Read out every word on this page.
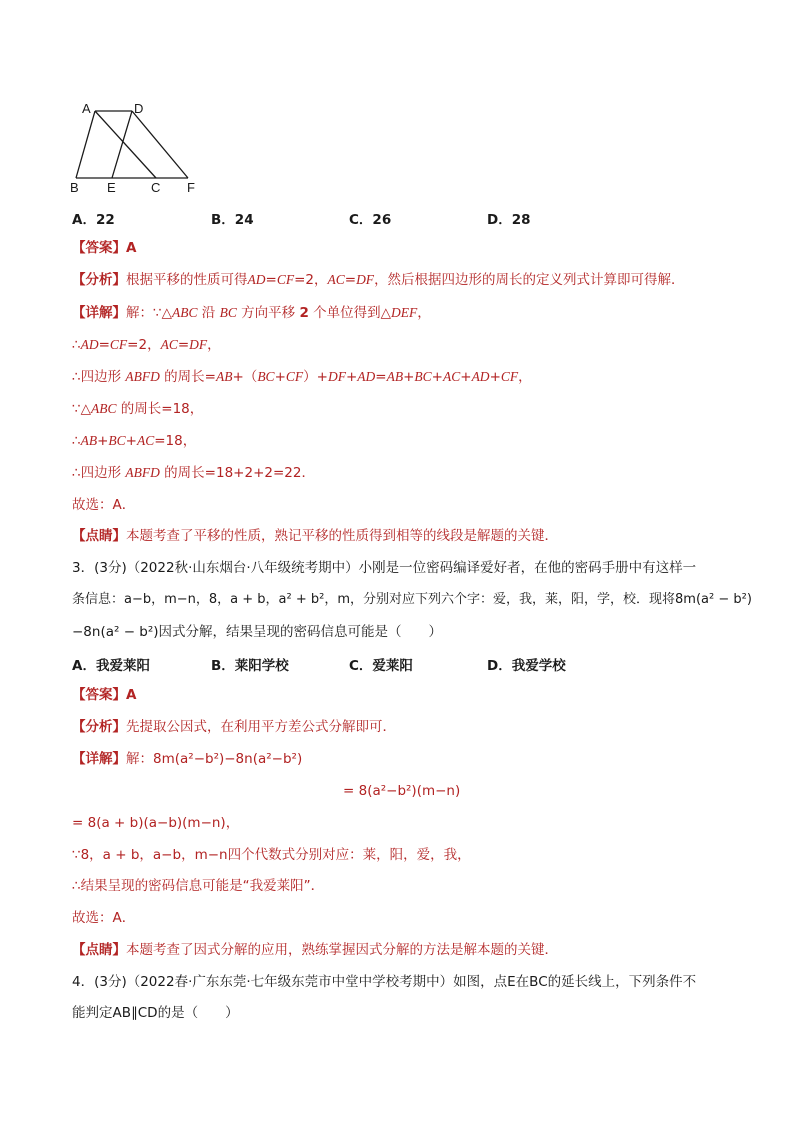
A	D
B E	C F
A．22	B．24	C．26	D．28
【答案】A
【分析】根据平移的性质可得AD=CF=2，AC=DF，然后根据四边形的周长的定义列式计算即可得解．
【详解】解：∵△ABC 沿 BC 方向平移 2 个单位得到△DEF，
∴AD=CF=2，AC=DF，
∴四边形 ABFD 的周长=AB+（BC+CF）+DF+AD=AB+BC+AC+AD+CF，
∵△ABC 的周长=18，
∴AB+BC+AC=18，
∴四边形 ABFD 的周长=18+2+2=22．
故选：A．
【点睛】本题考查了平移的性质，熟记平移的性质得到相等的线段是解题的关键．
3．(3分)（2022秋·山东烟台·八年级统考期中）小刚是一位密码编译爱好者，在他的密码手册中有这样一
条信息：a−b，m−n，8，a + b，a² + b²，m，分别对应下列六个字：爱，我，莱，阳，学，校．现将8m(a² − b²)
−8n(a² − b²)因式分解，结果呈现的密码信息可能是（　　）
A．我爱莱阳	B．莱阳学校	C．爱莱阳	D．我爱学校
【答案】A
【分析】先提取公因式，在利用平方差公式分解即可．
【详解】解：8m(a²−b²)−8n(a²−b²)
= 8(a²−b²)(m−n)
= 8(a + b)(a−b)(m−n)，
∵8，a + b，a−b，m−n四个代数式分别对应：莱，阳，爱，我，
∴结果呈现的密码信息可能是“我爱莱阳”．
故选：A．
【点睛】本题考查了因式分解的应用，熟练掌握因式分解的方法是解本题的关键．
4．(3分)（2022春·广东东莞·七年级东莞市中堂中学校考期中）如图，点E在BC的延长线上，下列条件不
能判定AB∥CD的是（　　）
